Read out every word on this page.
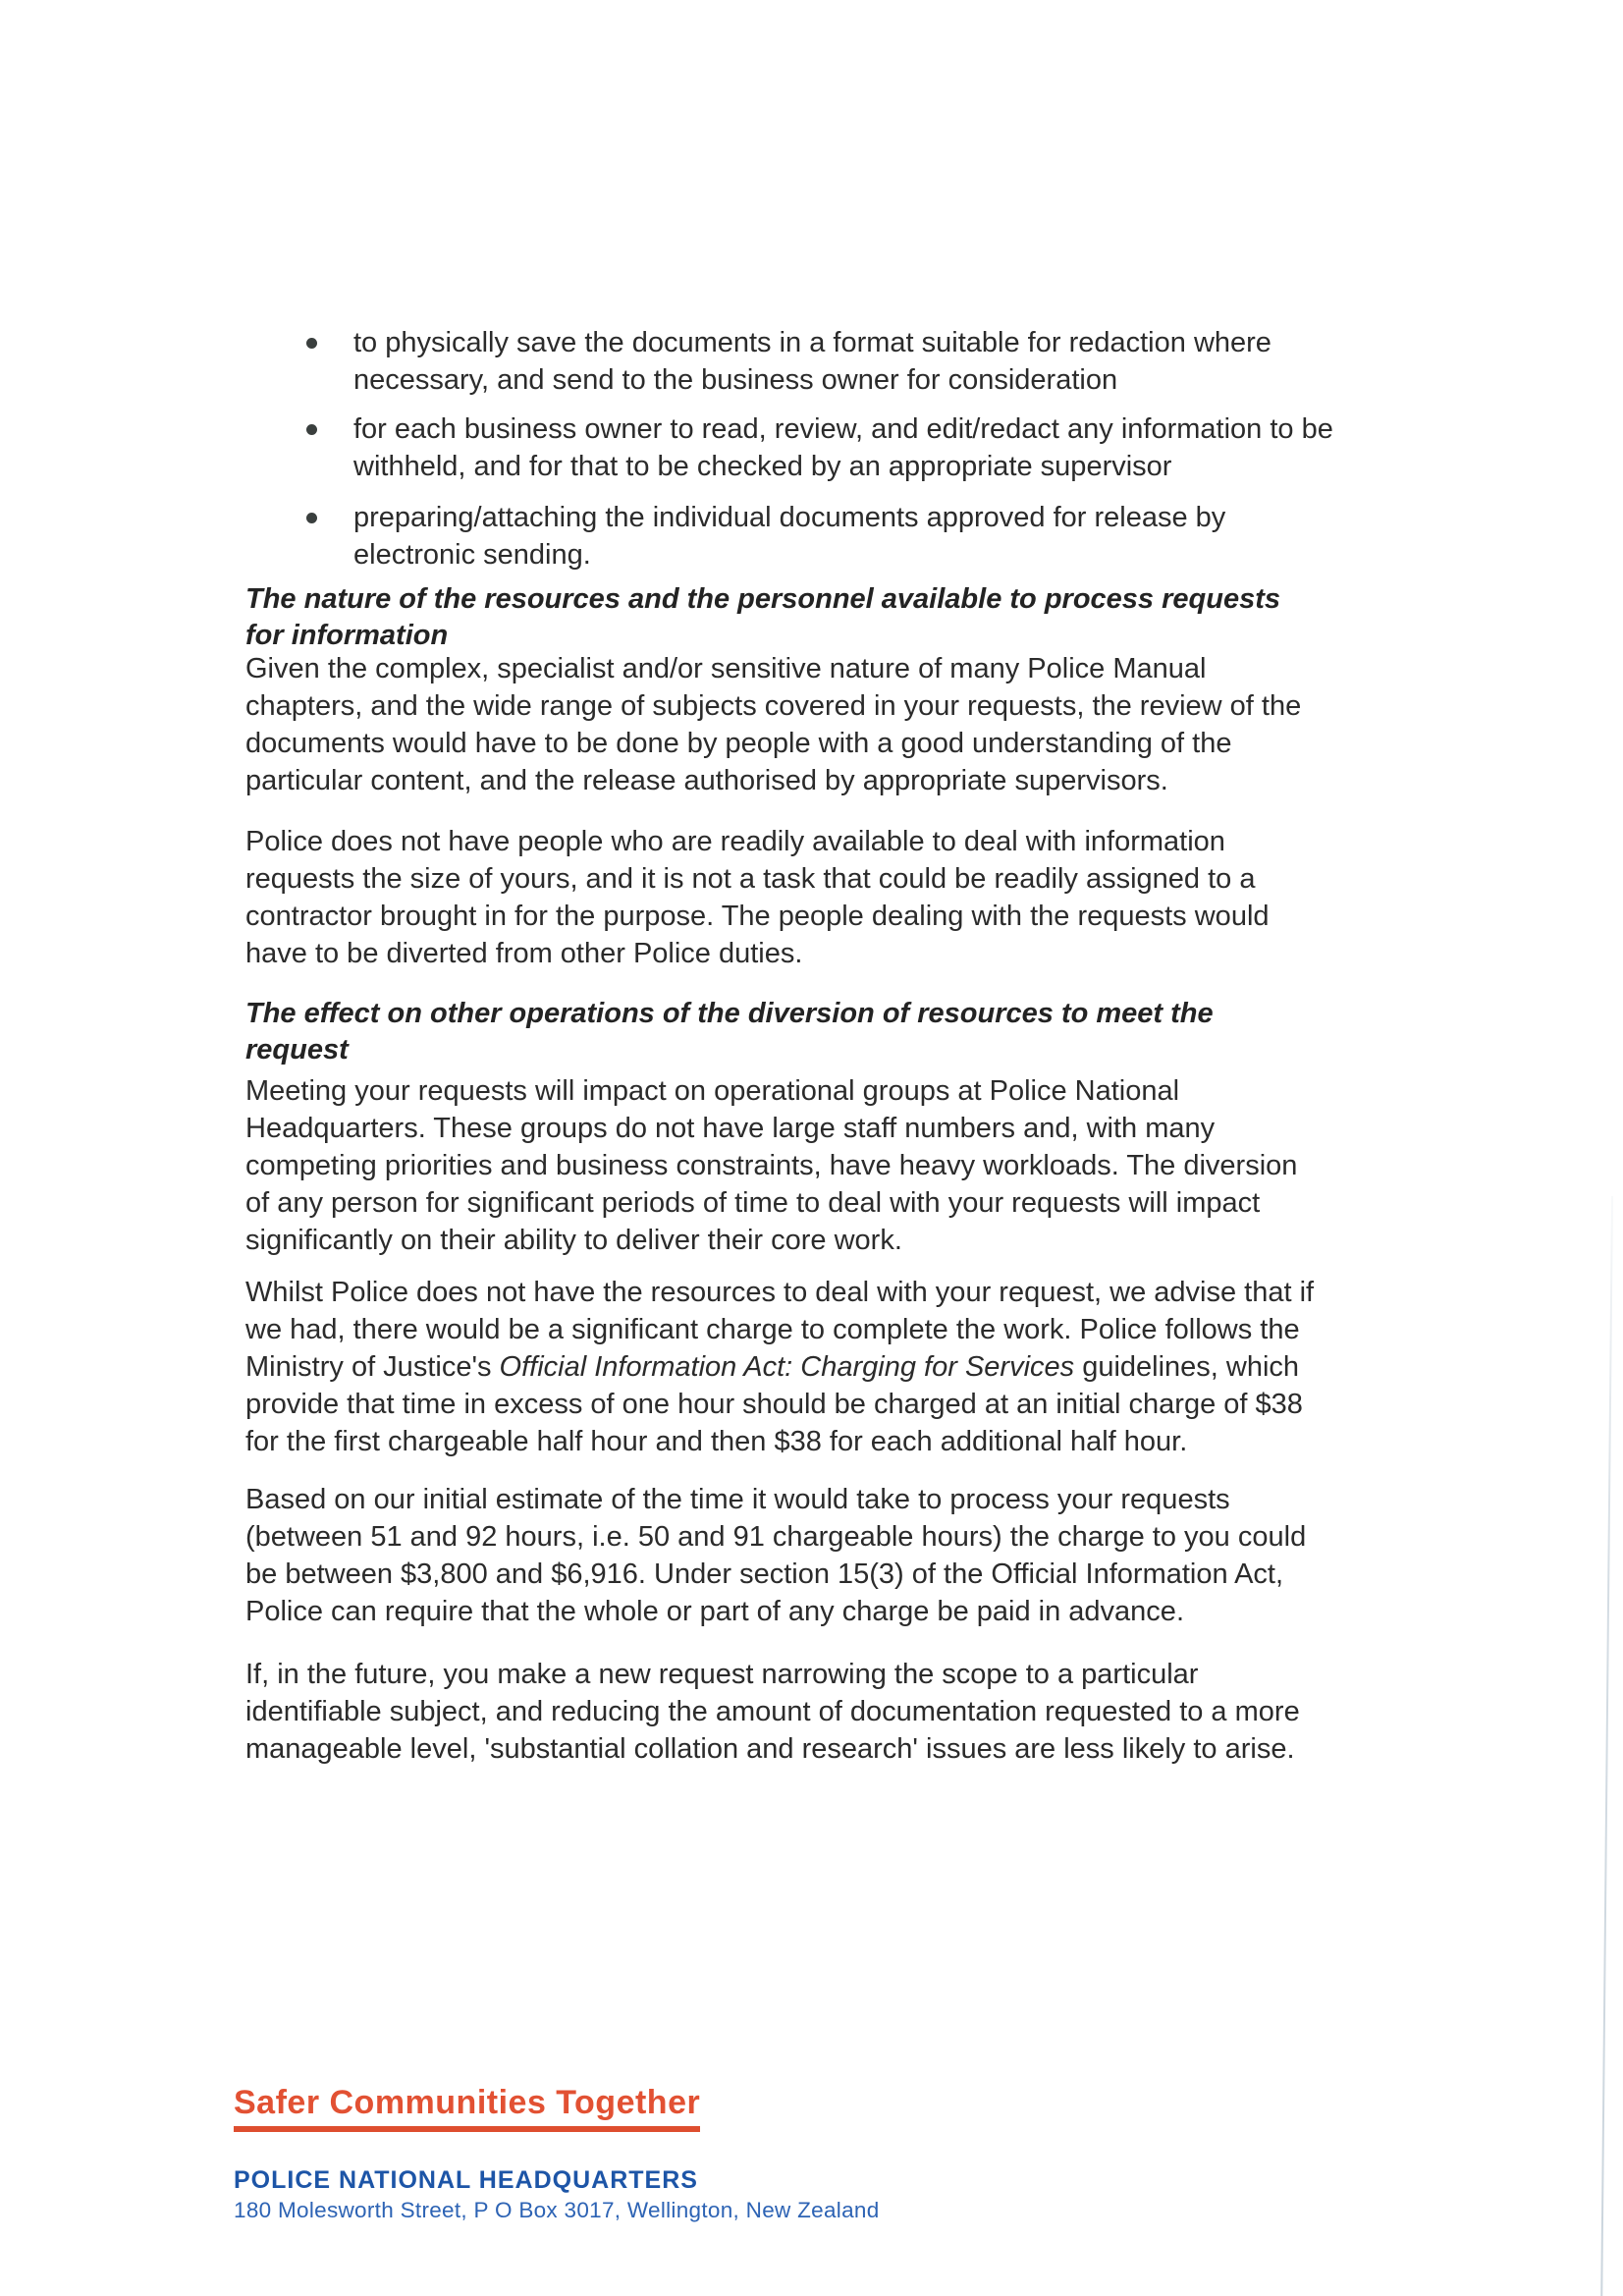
to physically save the documents in a format suitable for redaction where
necessary, and send to the business owner for consideration
for each business owner to read, review, and edit/redact any information to be
withheld, and for that to be checked by an appropriate supervisor
preparing/attaching the individual documents approved for release by
electronic sending.
The nature of the resources and the personnel available to process requests
for information
Given the complex, specialist and/or sensitive nature of many Police Manual
chapters, and the wide range of subjects covered in your requests, the review of the
documents would have to be done by people with a good understanding of the
particular content, and the release authorised by appropriate supervisors.
Police does not have people who are readily available to deal with information
requests the size of yours, and it is not a task that could be readily assigned to a
contractor brought in for the purpose. The people dealing with the requests would
have to be diverted from other Police duties.
The effect on other operations of the diversion of resources to meet the
request
Meeting your requests will impact on operational groups at Police National
Headquarters. These groups do not have large staff numbers and, with many
competing priorities and business constraints, have heavy workloads. The diversion
of any person for significant periods of time to deal with your requests will impact
significantly on their ability to deliver their core work.
Whilst Police does not have the resources to deal with your request, we advise that if
we had, there would be a significant charge to complete the work. Police follows the
Ministry of Justice's Official Information Act: Charging for Services guidelines, which
provide that time in excess of one hour should be charged at an initial charge of $38
for the first chargeable half hour and then $38 for each additional half hour.
Based on our initial estimate of the time it would take to process your requests
(between 51 and 92 hours, i.e. 50 and 91 chargeable hours) the charge to you could
be between $3,800 and $6,916. Under section 15(3) of the Official Information Act,
Police can require that the whole or part of any charge be paid in advance.
If, in the future, you make a new request narrowing the scope to a particular
identifiable subject, and reducing the amount of documentation requested to a more
manageable level, 'substantial collation and research' issues are less likely to arise.
Safer Communities Together
POLICE NATIONAL HEADQUARTERS
180 Molesworth Street, P O Box 3017, Wellington, New Zealand
